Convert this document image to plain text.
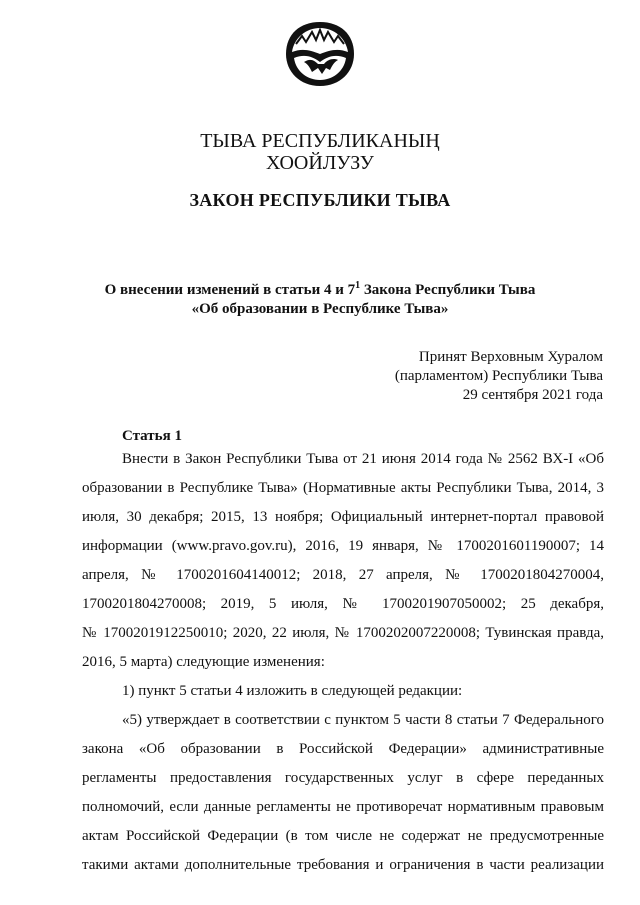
ТЫВА РЕСПУБЛИКАНЫҢ
ХООЙЛУЗУ
ЗАКОН РЕСПУБЛИКИ ТЫВА
О внесении изменений в статьи 4 и $7^1$ Закона Республики Тыва
«Об образовании в Республике Тыва»
Принят Верховным Хуралом
(парламентом) Республики Тыва
29 сентября 2021 года
Статья 1
Внести в Закон Республики Тыва от 21 июня 2014 года № 2562 ВХ-I «Об
образовании в Республике Тыва» (Нормативные акты Республики Тыва, 2014, 3
июля, 30 декабря; 2015, 13 ноября; Официальный интернет-портал правовой
информации (www.pravo.gov.ru), 2016, 19 января, № 1700201601190007; 14
апреля, № 1700201604140012; 2018, 27 апреля, № 1700201804270004,
1700201804270008; 2019, 5 июля, № 1700201907050002; 25 декабря,
№ 1700201912250010; 2020, 22 июля, № 1700202007220008; Тувинская правда,
2016, 5 марта) следующие изменения:
1) пункт 5 статьи 4 изложить в следующей редакции:
«5) утверждает в соответствии с пунктом 5 части 8 статьи 7 Федерального
закона «Об образовании в Российской Федерации» административные
регламенты предоставления государственных услуг в сфере переданных
полномочий, если данные регламенты не противоречат нормативным правовым
актам Российской Федерации (в том числе не содержат не предусмотренные
такими актами дополнительные требования и ограничения в части реализации
